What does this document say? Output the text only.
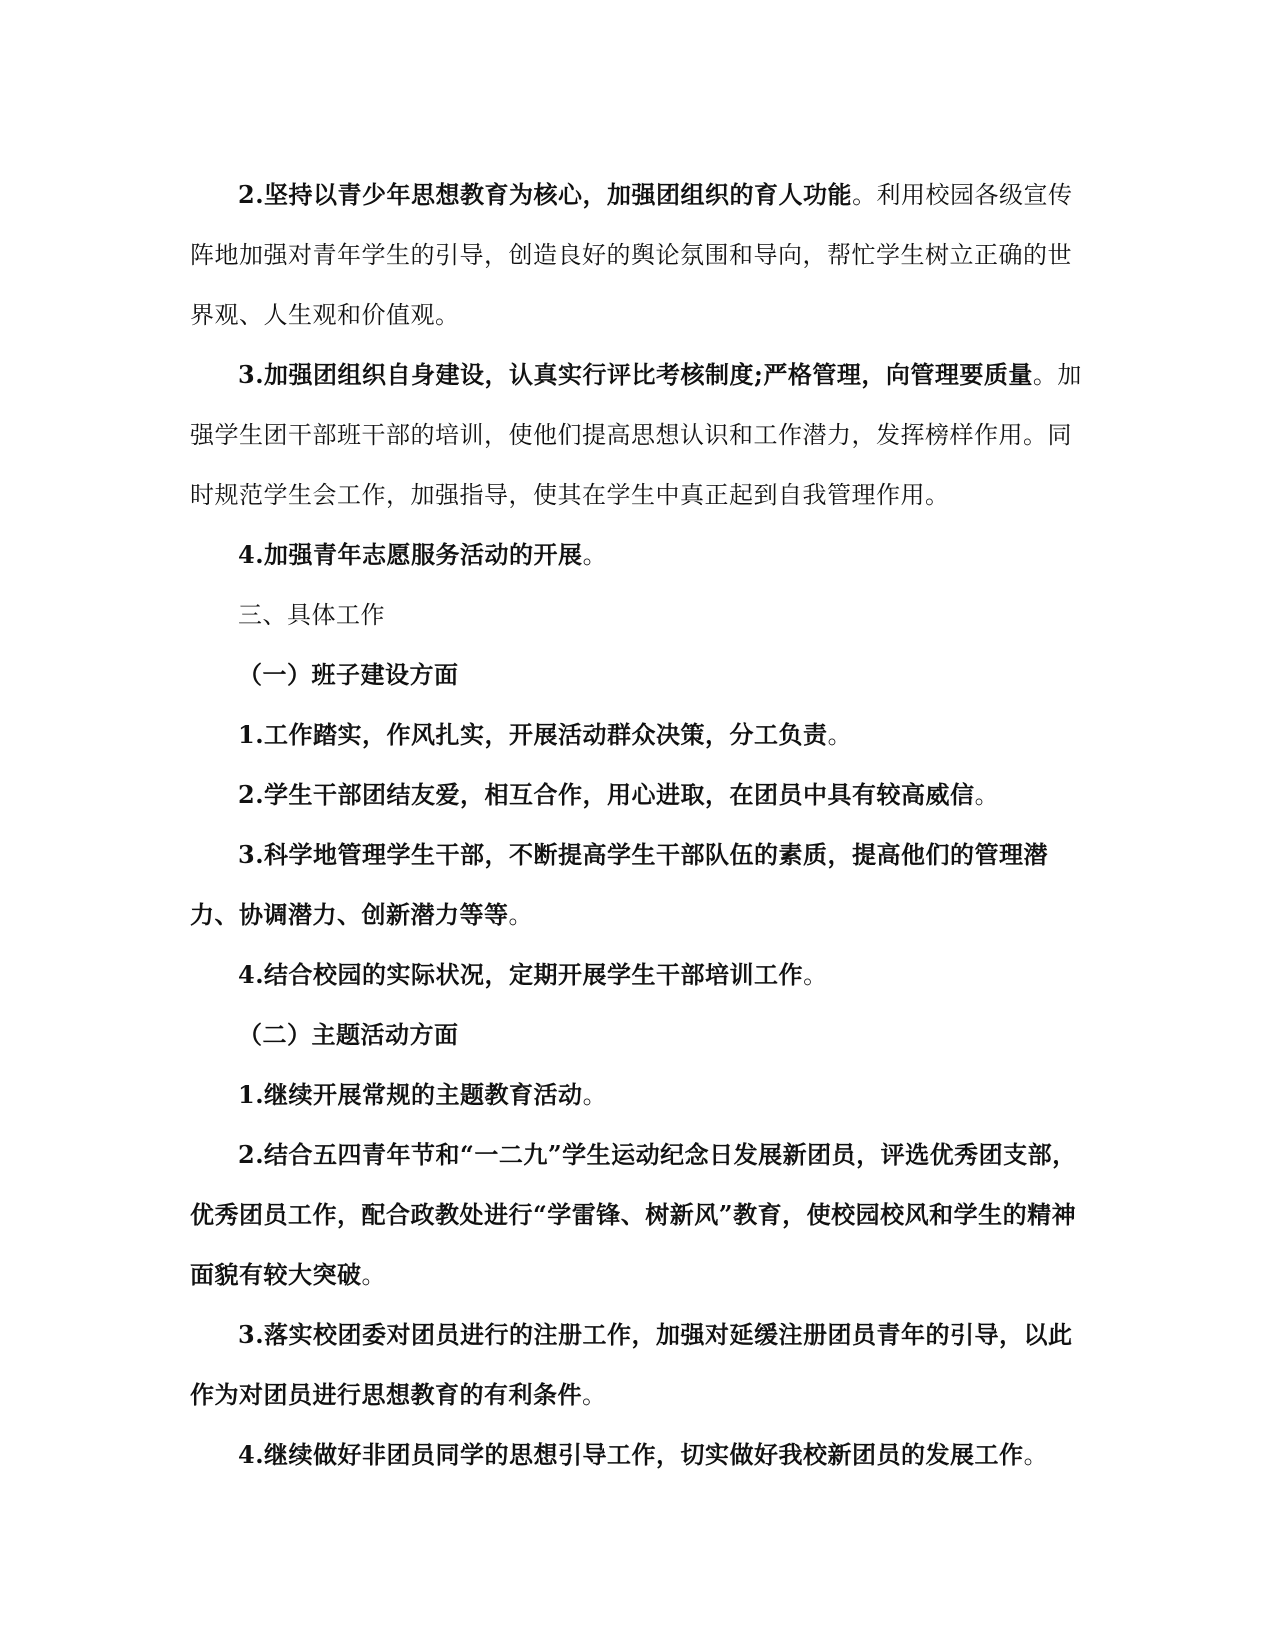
2.坚持以青少年思想教育为核心，加强团组织的育人功能。利用校园各级宣传阵地加强对青年学生的引导，创造良好的舆论氛围和导向，帮忙学生树立正确的世界观、人生观和价值观。

3.加强团组织自身建设，认真实行评比考核制度;严格管理，向管理要质量。加强学生团干部班干部的培训，使他们提高思想认识和工作潜力，发挥榜样作用。同时规范学生会工作，加强指导，使其在学生中真正起到自我管理作用。

4.加强青年志愿服务活动的开展。

三、具体工作

（一）班子建设方面

1.工作踏实，作风扎实，开展活动群众决策，分工负责。

2.学生干部团结友爱，相互合作，用心进取，在团员中具有较高威信。

3.科学地管理学生干部，不断提高学生干部队伍的素质，提高他们的管理潜力、协调潜力、创新潜力等等。

4.结合校园的实际状况，定期开展学生干部培训工作。

（二）主题活动方面

1.继续开展常规的主题教育活动。

2.结合五四青年节和“一二九”学生运动纪念日发展新团员，评选优秀团支部，优秀团员工作，配合政教处进行“学雷锋、树新风”教育，使校园校风和学生的精神面貌有较大突破。

3.落实校团委对团员进行的注册工作，加强对延缓注册团员青年的引导，以此作为对团员进行思想教育的有利条件。

4.继续做好非团员同学的思想引导工作，切实做好我校新团员的发展工作。
